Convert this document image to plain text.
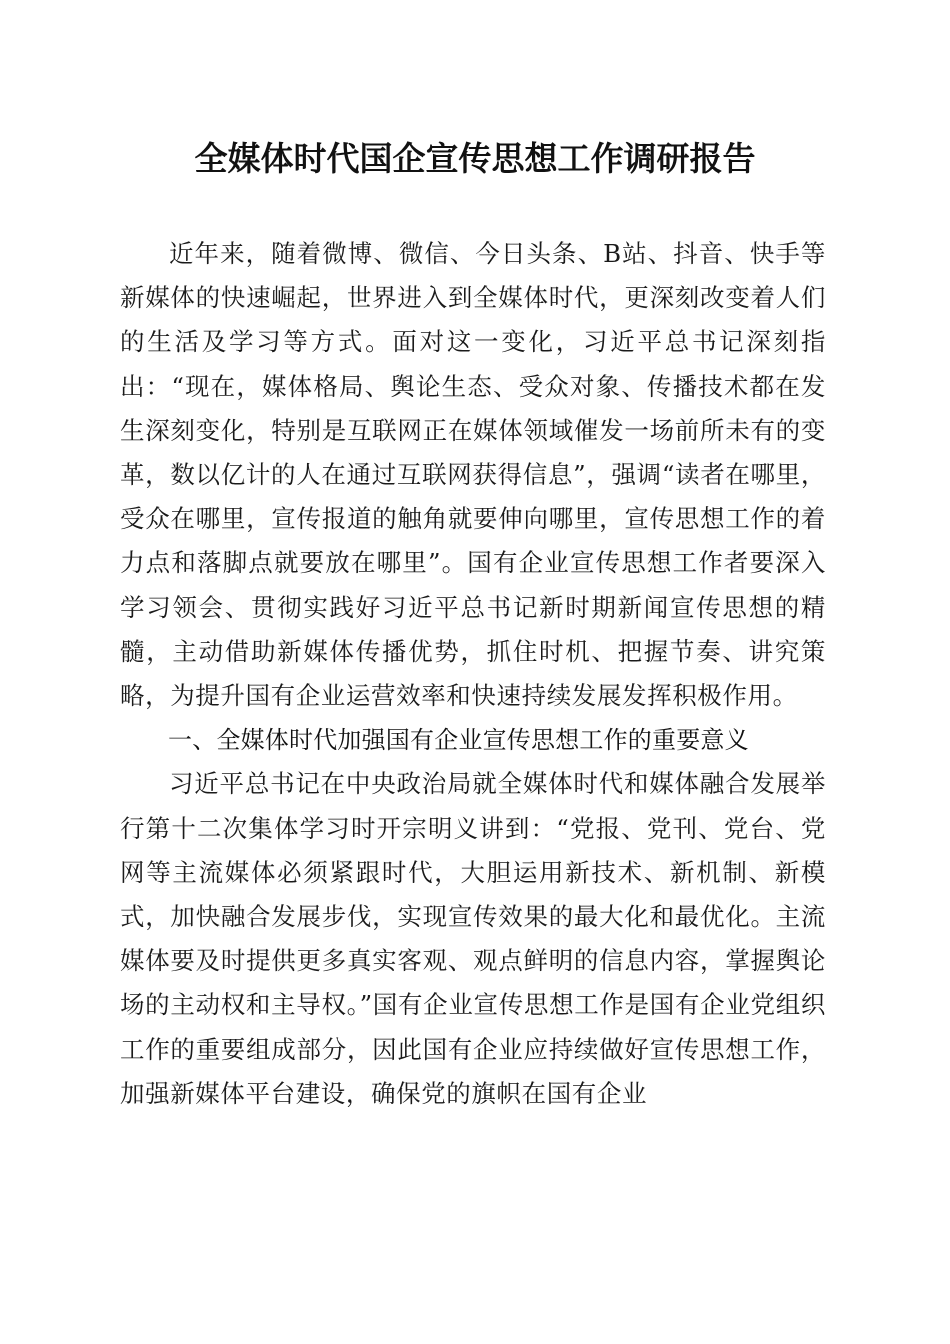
全媒体时代国企宣传思想工作调研报告

近年来，随着微博、微信、今日头条、B站、抖音、快手等新媒体的快速崛起，世界进入到全媒体时代，更深刻改变着人们的生活及学习等方式。面对这一变化，习近平总书记深刻指出：“现在，媒体格局、舆论生态、受众对象、传播技术都在发生深刻变化，特别是互联网正在媒体领域催发一场前所未有的变革，数以亿计的人在通过互联网获得信息”，强调“读者在哪里，受众在哪里，宣传报道的触角就要伸向哪里，宣传思想工作的着力点和落脚点就要放在哪里”。国有企业宣传思想工作者要深入学习领会、贯彻实践好习近平总书记新时期新闻宣传思想的精髓，主动借助新媒体传播优势，抓住时机、把握节奏、讲究策略，为提升国有企业运营效率和快速持续发展发挥积极作用。

一、全媒体时代加强国有企业宣传思想工作的重要意义

习近平总书记在中央政治局就全媒体时代和媒体融合发展举行第十二次集体学习时开宗明义讲到：“党报、党刊、党台、党网等主流媒体必须紧跟时代，大胆运用新技术、新机制、新模式，加快融合发展步伐，实现宣传效果的最大化和最优化。主流媒体要及时提供更多真实客观、观点鲜明的信息内容，掌握舆论场的主动权和主导权。”国有企业宣传思想工作是国有企业党组织工作的重要组成部分，因此国有企业应持续做好宣传思想工作，加强新媒体平台建设，确保党的旗帜在国有企业
